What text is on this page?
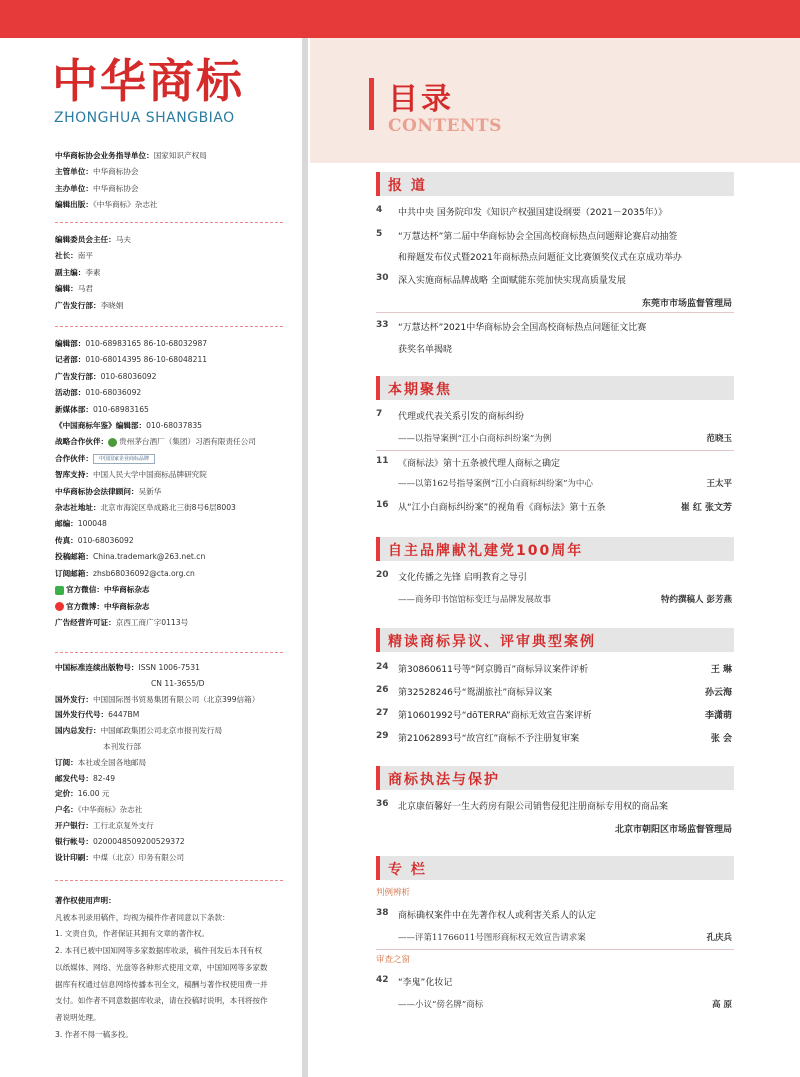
中华商标
ZHONGHUA SHANGBIAO
中华商标协会业务指导单位：国家知识产权局
主管单位：中华商标协会
主办单位：中华商标协会
编辑出版：《中华商标》杂志社
编辑委员会主任：马夫
社长：南平
副主编：李素
编辑：马君
广告发行部：李晓娟
编辑部：010-68983165 86-10-68032987
记者部：010-68014395 86-10-68048211
广告发行部：010-68036092
活动部：010-68036092
新媒体部：010-68983165
《中国商标年鉴》编辑部：010-68037835
战略合作伙伴： 贵州茅台酒厂（集团）习酒有限责任公司
合作伙伴： 中国国家企业商标品牌
智库支持：中国人民大学中国商标品牌研究院
中华商标协会法律顾问：吴新华
杂志社地址：北京市海淀区阜成路北三街8号6层8003
邮编：100048
传真：010-68036092
投稿邮箱：China.trademark@263.net.cn
订阅邮箱：zhsb68036092@cta.org.cn
官方微信：中华商标杂志
官方微博：中华商标杂志
广告经营许可证：京西工商广字0113号
中国标准连续出版物号：ISSN 1006-7531
CN 11-3655/D
国外发行：中国国际图书贸易集团有限公司（北京399信箱）
国外发行代号：6447BM
国内总发行：中国邮政集团公司北京市报刊发行局
本刊发行部
订阅：本社或全国各地邮局
邮发代号：82-49
定价：16.00 元
户名：《中华商标》杂志社
开户银行：工行北京复外支行
银行帐号：0200048509200529372
设计印刷：中煤（北京）印务有限公司
著作权使用声明：
凡被本刊录用稿件，均视为稿件作者同意以下条款：
1. 文责自负，作者保证其拥有文章的著作权。
2. 本刊已被中国知网等多家数据库收录，稿件刊发后本刊有权
以纸媒体、网络、光盘等各种形式使用文章，中国知网等多家数
据库有权通过信息网络传播本刊全文，稿酬与著作权使用费一并
支付。如作者不同意数据库收录，请在投稿时说明，本刊将按作
者说明处理。
3. 作者不得一稿多投。
目录
CONTENTS
报 道
4	中共中央 国务院印发《知识产权强国建设纲要（2021－2035年）》
5	“万慧达杯”第二届中华商标协会全国高校商标热点问题辩论赛启动抽签
和辩题发布仪式暨2021年商标热点问题征文比赛颁奖仪式在京成功举办
30	深入实施商标品牌战略 全面赋能东莞加快实现高质量发展
东莞市市场监督管理局
33	“万慧达杯”2021中华商标协会全国高校商标热点问题征文比赛
获奖名单揭晓
本期聚焦
7	代理或代表关系引发的商标纠纷
——以指导案例“江小白商标纠纷案”为例	范晓玉
11	《商标法》第十五条被代理人商标之确定
——以第162号指导案例“江小白商标纠纷案”为中心	王太平
16	从“江小白商标纠纷案”的视角看《商标法》第十五条	崔 红 张文芳
自主品牌献礼建党100周年
20	文化传播之先锋 启明教育之导引
——商务印书馆馆标变迁与品牌发展故事	特约撰稿人 彭芳燕
精读商标异议、评审典型案例
24	第30860611号等“阿京腾百”商标异议案件评析	王 琳
26	第32528246号“鸳湖旅社”商标异议案	孙云海
27	第10601992号“dōTERRA”商标无效宣告案评析	李潇萌
29	第21062893号“故宫红”商标不予注册复审案	张 会
商标执法与保护
36	北京康佰馨好一生大药房有限公司销售侵犯注册商标专用权的商品案
北京市朝阳区市场监督管理局
专 栏
判例辨析
38	商标确权案件中在先著作权人或利害关系人的认定
——评第11766011号图形商标权无效宣告请求案	孔庆兵
审查之窗
42	“李鬼”化妆记
——小议“傍名牌”商标	高 原
